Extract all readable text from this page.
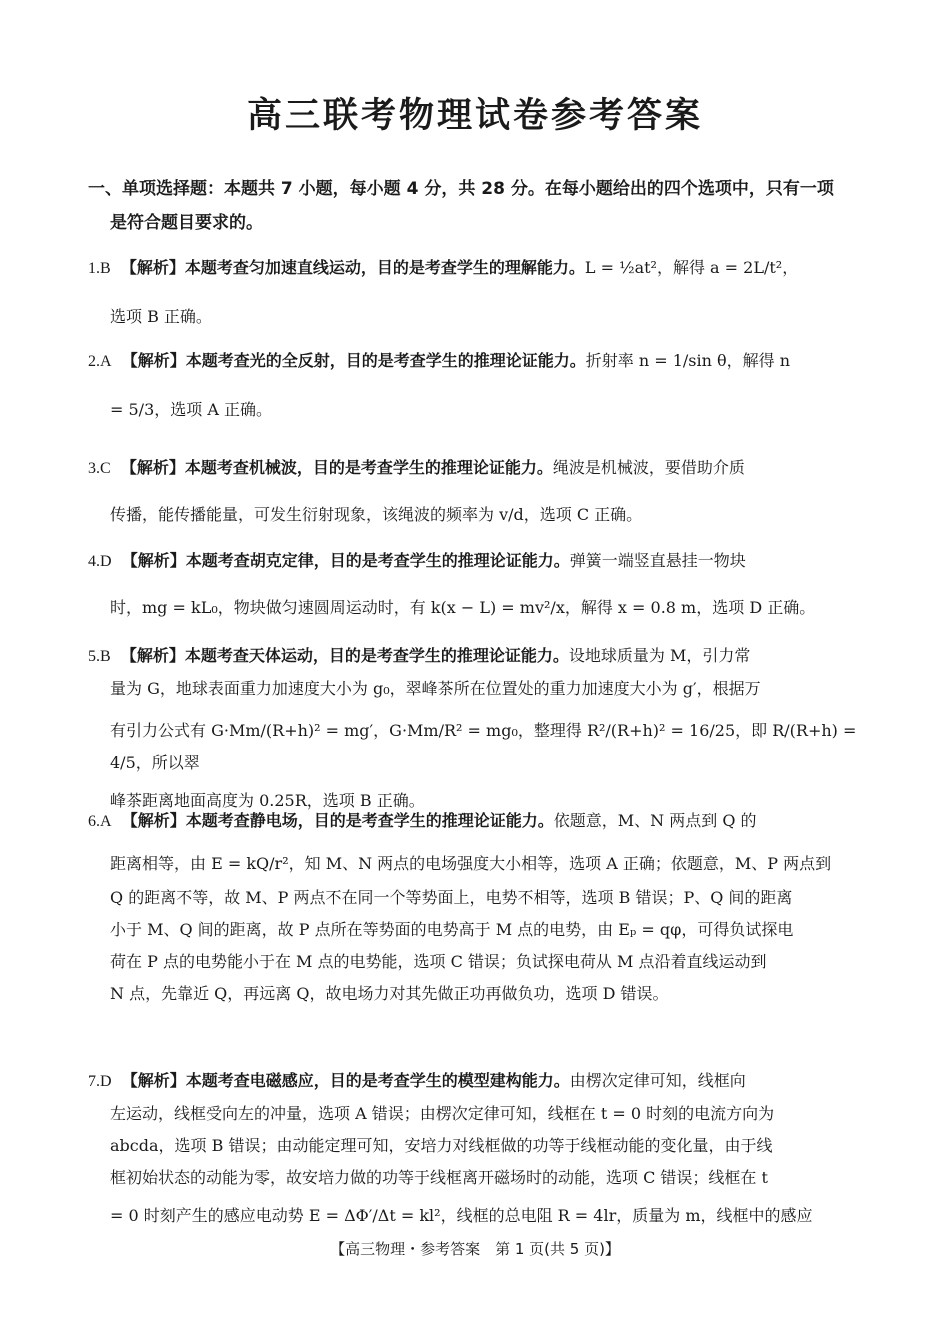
高三联考物理试卷参考答案
一、单项选择题：本题共 7 小题，每小题 4 分，共 28 分。在每小题给出的四个选项中，只有一项
是符合题目要求的。
1.B 【解析】本题考查匀加速直线运动，目的是考查学生的理解能力。L = ½at²，解得 a = 2L/t²，
选项 B 正确。
2.A 【解析】本题考查光的全反射，目的是考查学生的推理论证能力。折射率 n = 1/sin θ，解得 n
= 5/3，选项 A 正确。
3.C 【解析】本题考查机械波，目的是考查学生的推理论证能力。绳波是机械波，要借助介质
传播，能传播能量，可发生衍射现象，该绳波的频率为 v/d，选项 C 正确。
4.D 【解析】本题考查胡克定律，目的是考查学生的推理论证能力。弹簧一端竖直悬挂一物块
时，mg = kL₀，物块做匀速圆周运动时，有 k(x − L) = mv²/x，解得 x = 0.8 m，选项 D 正确。
5.B 【解析】本题考查天体运动，目的是考查学生的推理论证能力。设地球质量为 M，引力常
量为 G，地球表面重力加速度大小为 g₀，翠峰茶所在位置处的重力加速度大小为 g′，根据万
有引力公式有 G·Mm/(R+h)² = mg′，G·Mm/R² = mg₀，整理得 R²/(R+h)² = 16/25，即 R/(R+h) = 4/5，所以翠
峰茶距离地面高度为 0.25R，选项 B 正确。
6.A 【解析】本题考查静电场，目的是考查学生的推理论证能力。依题意，M、N 两点到 Q 的
距离相等，由 E = kQ/r²，知 M、N 两点的电场强度大小相等，选项 A 正确；依题意，M、P 两点到
Q 的距离不等，故 M、P 两点不在同一个等势面上，电势不相等，选项 B 错误；P、Q 间的距离
小于 M、Q 间的距离，故 P 点所在等势面的电势高于 M 点的电势，由 Eₚ = qφ，可得负试探电
荷在 P 点的电势能小于在 M 点的电势能，选项 C 错误；负试探电荷从 M 点沿着直线运动到
N 点，先靠近 Q，再远离 Q，故电场力对其先做正功再做负功，选项 D 错误。
7.D 【解析】本题考查电磁感应，目的是考查学生的模型建构能力。由楞次定律可知，线框向
左运动，线框受向左的冲量，选项 A 错误；由楞次定律可知，线框在 t = 0 时刻的电流方向为
abcda，选项 B 错误；由动能定理可知，安培力对线框做的功等于线框动能的变化量，由于线
框初始状态的动能为零，故安培力做的功等于线框离开磁场时的动能，选项 C 错误；线框在 t
= 0 时刻产生的感应电动势 E = ΔΦ′/Δt = kl²，线框的总电阻 R = 4lr，质量为 m，线框中的感应
【高三物理・参考答案　第 1 页(共 5 页)】
